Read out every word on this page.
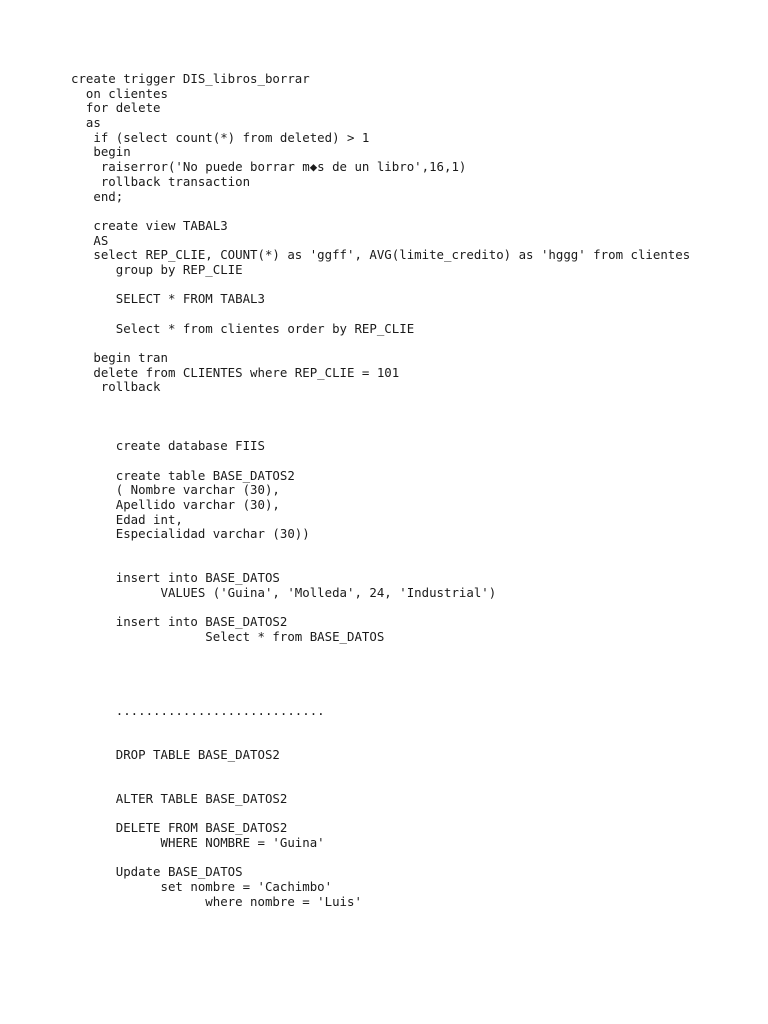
create trigger DIS_libros_borrar
on clientes
for delete
as
if (select count(*) from deleted) > 1
begin
raiserror('No puede borrar m◆s de un libro',16,1)
rollback transaction
end;
create view TABAL3
AS
select REP_CLIE, COUNT(*) as 'ggff', AVG(limite_credito) as 'hggg' from clientes
group by REP_CLIE
SELECT * FROM TABAL3
Select * from clientes order by REP_CLIE
begin tran
delete from CLIENTES where REP_CLIE = 101
rollback
create database FIIS
create table BASE_DATOS2
( Nombre varchar (30),
Apellido varchar (30),
Edad int,
Especialidad varchar (30))
insert into BASE_DATOS
VALUES ('Guina', 'Molleda', 24, 'Industrial')
insert into BASE_DATOS2
Select * from BASE_DATOS
............................
DROP TABLE BASE_DATOS2
ALTER TABLE BASE_DATOS2
DELETE FROM BASE_DATOS2
WHERE NOMBRE = 'Guina'
Update BASE_DATOS
set nombre = 'Cachimbo'
where nombre = 'Luis'
